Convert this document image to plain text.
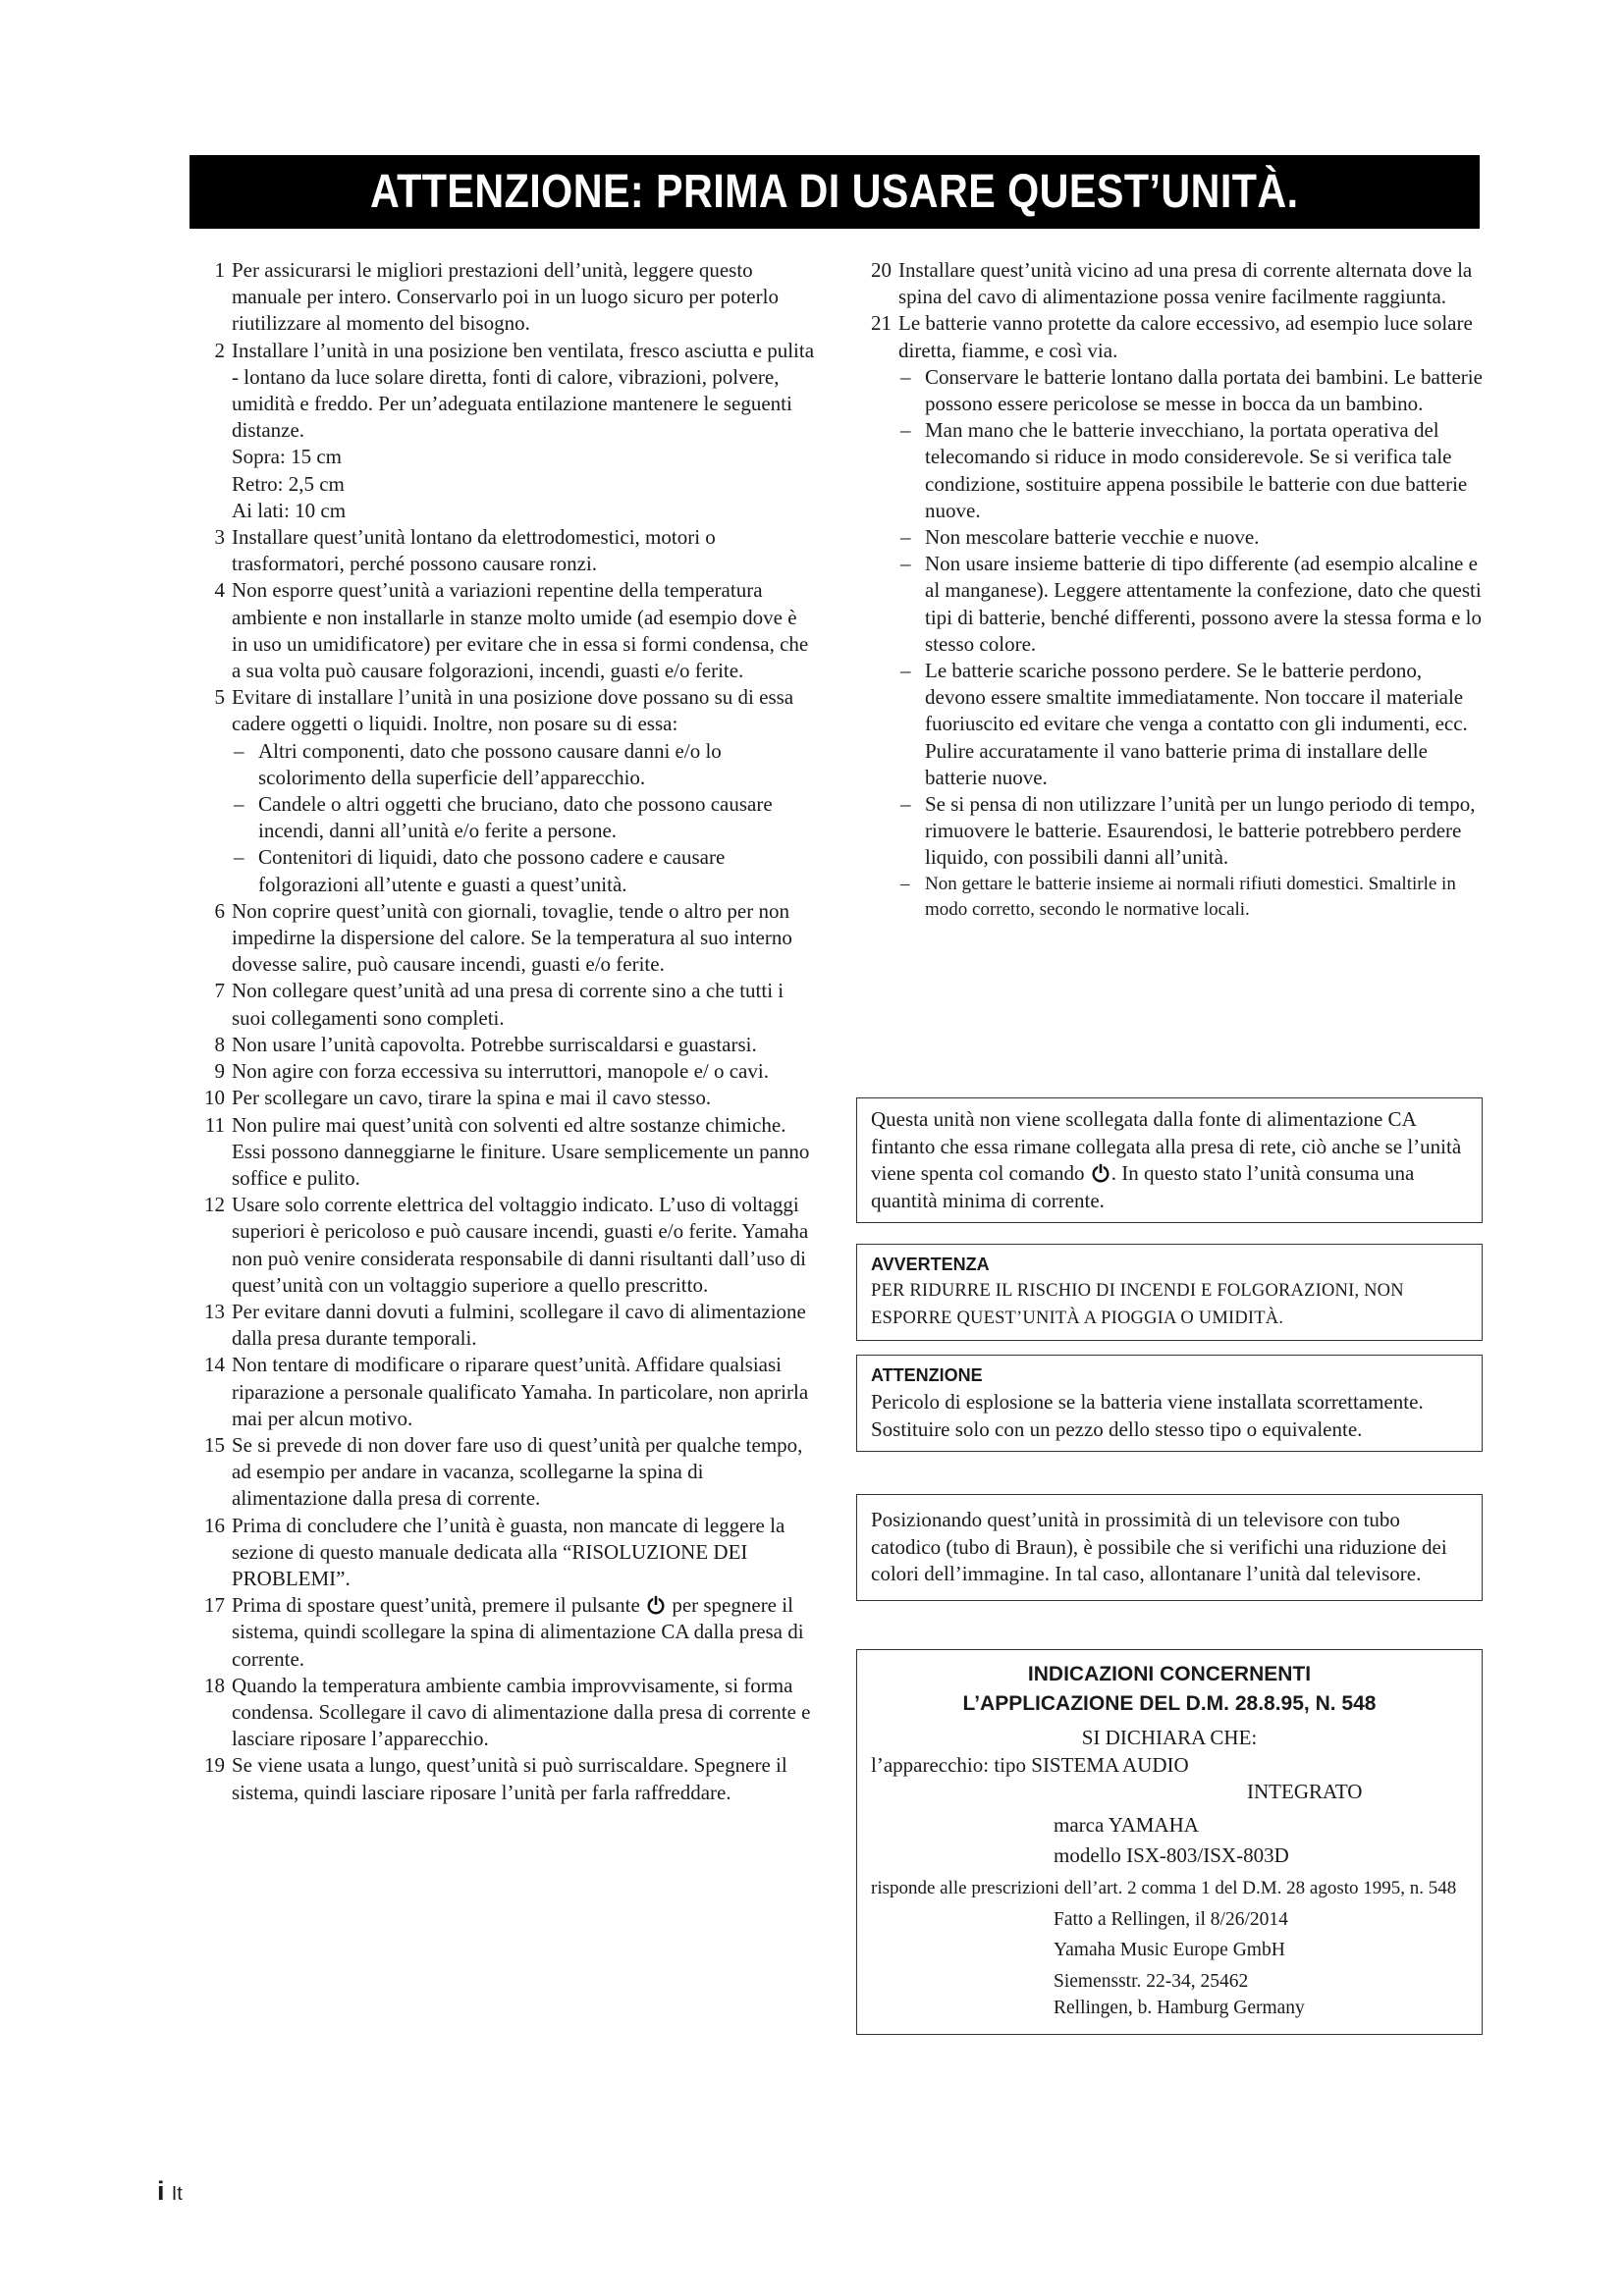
ATTENZIONE: PRIMA DI USARE QUEST’UNITÀ.
1 Per assicurarsi le migliori prestazioni dell’unità, leggere questo manuale per intero. Conservarlo poi in un luogo sicuro per poterlo riutilizzare al momento del bisogno.

2 Installare l’unità in una posizione ben ventilata, fresco asciutta e pulita - lontano da luce solare diretta, fonti di calore, vibrazioni, polvere, umidità e freddo. Per un’adeguata entilazione mantenere le seguenti distanze.

Sopra: 15 cm

Retro: 2,5 cm

Ai lati: 10 cm

3 Installare quest’unità lontano da elettrodomestici, motori o trasformatori, perché possono causare ronzi.

4 Non esporre quest’unità a variazioni repentine della temperatura ambiente e non installarle in stanze molto umide (ad esempio dove è in uso un umidificatore) per evitare che in essa si formi condensa, che a sua volta può causare folgorazioni, incendi, guasti e/o ferite.

5 Evitare di installare l’unità in una posizione dove possano su di essa cadere oggetti o liquidi. Inoltre, non posare su di essa:

– Altri componenti, dato che possono causare danni e/o lo scolorimento della superficie dell’apparecchio.
– Candele o altri oggetti che bruciano, dato che possono causare incendi, danni all’unità e/o ferite a persone.
– Contenitori di liquidi, dato che possono cadere e causare folgorazioni all’utente e guasti a quest’unità.
6 Non coprire quest’unità con giornali, tovaglie, tende o altro per non impedirne la dispersione del calore. Se la temperatura al suo interno dovesse salire, può causare incendi, guasti e/o ferite.

7 Non collegare quest’unità ad una presa di corrente sino a che tutti i suoi collegamenti sono completi.

8 Non usare l’unità capovolta. Potrebbe surriscaldarsi e guastarsi.

9 Non agire con forza eccessiva su interruttori, manopole e/ o cavi.

10 Per scollegare un cavo, tirare la spina e mai il cavo stesso.

11 Non pulire mai quest’unità con solventi ed altre sostanze chimiche. Essi possono danneggiarne le finiture. Usare semplicemente un panno soffice e pulito.

12 Usare solo corrente elettrica del voltaggio indicato. L’uso di voltaggi superiori è pericoloso e può causare incendi, guasti e/o ferite. Yamaha non può venire considerata responsabile di danni risultanti dall’uso di quest’unità con un voltaggio superiore a quello prescritto.

13 Per evitare danni dovuti a fulmini, scollegare il cavo di alimentazione dalla presa durante temporali.

14 Non tentare di modificare o riparare quest’unità. Affidare qualsiasi riparazione a personale qualificato Yamaha. In particolare, non aprirla mai per alcun motivo.

15 Se si prevede di non dover fare uso di quest’unità per qualche tempo, ad esempio per andare in vacanza, scollegarne la spina di alimentazione dalla presa di corrente.

16 Prima di concludere che l’unità è guasta, non mancate di leggere la sezione di questo manuale dedicata alla “RISOLUZIONE DEI PROBLEMI”.

17 Prima di spostare quest’unità, premere il pulsante per spegnere il sistema, quindi scollegare la spina di alimentazione CA dalla presa di corrente.

18 Quando la temperatura ambiente cambia improvvisamente, si forma condensa. Scollegare il cavo di alimentazione dalla presa di corrente e lasciare riposare l’apparecchio.

19 Se viene usata a lungo, quest’unità si può surriscaldare. Spegnere il sistema, quindi lasciare riposare l’unità per farla raffreddare.

20 Installare quest’unità vicino ad una presa di corrente alternata dove la spina del cavo di alimentazione possa venire facilmente raggiunta.

21 Le batterie vanno protette da calore eccessivo, ad esempio luce solare diretta, fiamme, e così via.

– Conservare le batterie lontano dalla portata dei bambini. Le batterie possono essere pericolose se messe in bocca da un bambino.
– Man mano che le batterie invecchiano, la portata operativa del telecomando si riduce in modo considerevole. Se si verifica tale condizione, sostituire appena possibile le batterie con due batterie nuove.
– Non mescolare batterie vecchie e nuove.
– Non usare insieme batterie di tipo differente (ad esempio alcaline e al manganese). Leggere attentamente la confezione, dato che questi tipi di batterie, benché differenti, possono avere la stessa forma e lo stesso colore.
– Le batterie scariche possono perdere. Se le batterie perdono, devono essere smaltite immediatamente. Non toccare il materiale fuoriuscito ed evitare che venga a contatto con gli indumenti, ecc. Pulire accuratamente il vano batterie prima di installare delle batterie nuove.
– Se si pensa di non utilizzare l’unità per un lungo periodo di tempo, rimuovere le batterie. Esaurendosi, le batterie potrebbero perdere liquido, con possibili danni all’unità.
– Non gettare le batterie insieme ai normali rifiuti domestici. Smaltirle in modo corretto, secondo le normative locali.
Questa unità non viene scollegata dalla fonte di alimentazione CA fintanto che essa rimane collegata alla presa di rete, ciò anche se l’unità viene spenta col comando . In questo stato l’unità consuma una quantità minima di corrente.
AVVERTENZA
PER RIDURRE IL RISCHIO DI INCENDI E FOLGORAZIONI, NON ESPORRE QUEST’UNITÀ A PIOGGIA O UMIDITÀ.
ATTENZIONE
Pericolo di esplosione se la batteria viene installata scorrettamente. Sostituire solo con un pezzo dello stesso tipo o equivalente.
Posizionando quest’unità in prossimità di un televisore con tubo catodico (tubo di Braun), è possibile che si verifichi una riduzione dei colori dell’immagine. In tal caso, allontanare l’unità dal televisore.
INDICAZIONI CONCERNENTI
L’APPLICAZIONE DEL D.M. 28.8.95, N. 548
SI DICHIARA CHE:
l’apparecchio: tipo SISTEMA AUDIO
INTEGRATO
marca YAMAHA
modello ISX-803/ISX-803D
risponde alle prescrizioni dell’art. 2 comma 1 del D.M. 28 agosto 1995, n. 548
Fatto a Rellingen, il 8/26/2014
Yamaha Music Europe GmbH
Siemensstr. 22-34, 25462
Rellingen, b. Hamburg Germany
i It
